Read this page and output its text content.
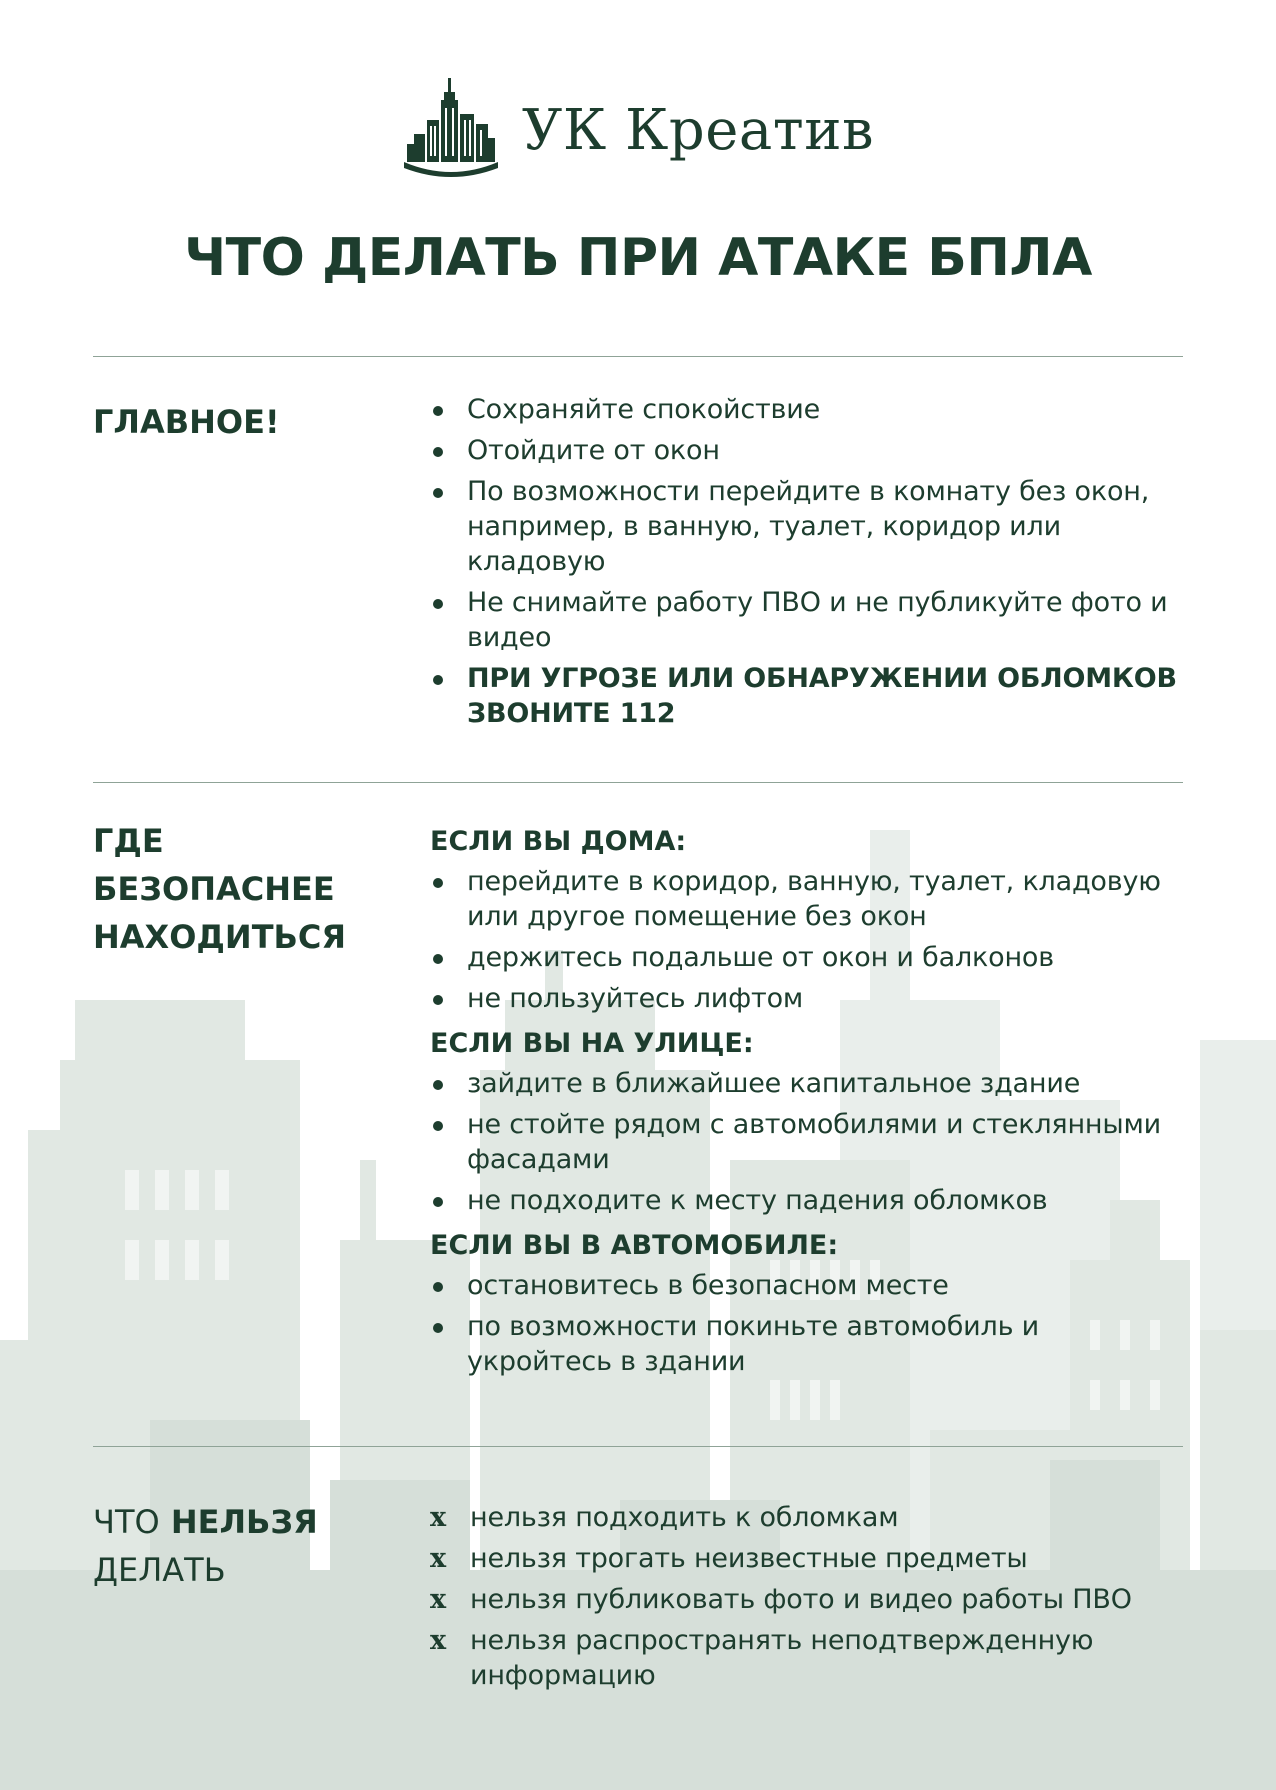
УК Креатив
ЧТО ДЕЛАТЬ ПРИ АТАКЕ БПЛА
ГЛАВНОЕ!	Сохраняйте спокойствие
Отойдите от окон
По возможности перейдите в комнату без окон, например, в ванную, туалет, коридор или кладовую
Не снимайте работу ПВО и не публикуйте фото и видео
ПРИ УГРОЗЕ ИЛИ ОБНАРУЖЕНИИ ОБЛОМКОВ ЗВОНИТЕ 112
ГДЕ
БЕЗОПАСНЕЕ
НАХОДИТЬСЯ
ЕСЛИ ВЫ ДОМА:
перейдите в коридор, ванную, туалет, кладовую или другое помещение без окон
держитесь подальше от окон и балконов
не пользуйтесь лифтом
ЕСЛИ ВЫ НА УЛИЦЕ:
зайдите в ближайшее капитальное здание
не стойте рядом с автомобилями и стеклянными фасадами
не подходите к месту падения обломков
ЕСЛИ ВЫ В АВТОМОБИЛЕ:
остановитесь в безопасном месте
по возможности покиньте автомобиль и укройтесь в здании
ЧТО НЕЛЬЗЯ
ДЕЛАТЬ
x нельзя подходить к обломкам
x нельзя трогать неизвестные предметы
x нельзя публиковать фото и видео работы ПВО
x нельзя распространять неподтвержденную информацию
